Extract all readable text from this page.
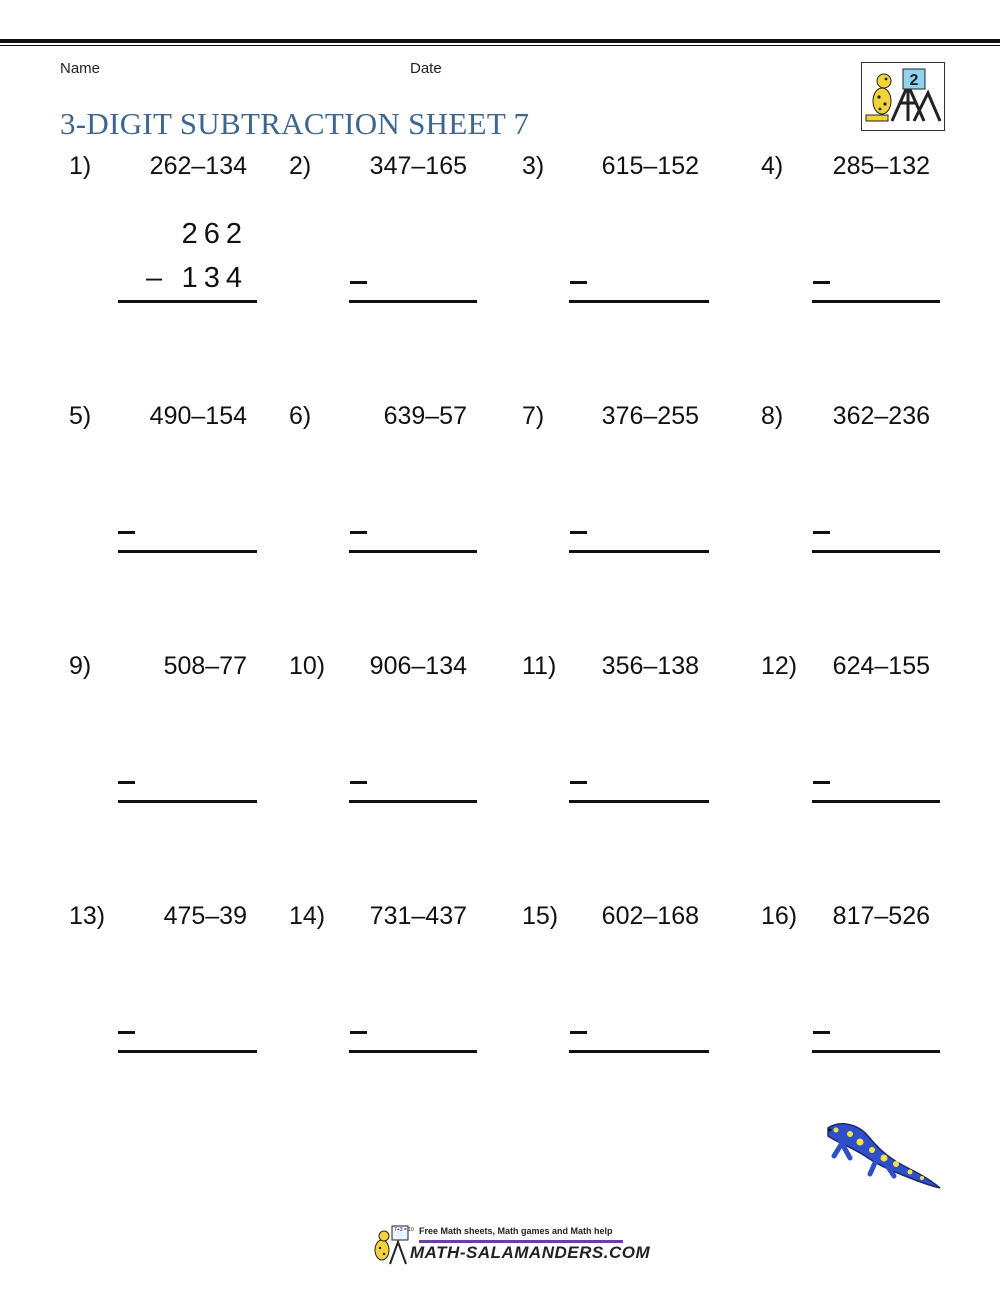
Name	Date
3-DIGIT SUBTRACTION SHEET 7
2
1) 262–134
262
– 134
2) 347–165 3) 615–152 4) 285–132
5) 490–154 6)	639–57 7) 376–255 8) 362–236
9)	508–77 10) 906–134 11) 356–138 12) 624–155
13) 475–39 14) 731–437 15) 602–168 16) 817–526
7+3 = 10 Free Math sheets, Math games and Math help
MATH-SALAMANDERS.COM
